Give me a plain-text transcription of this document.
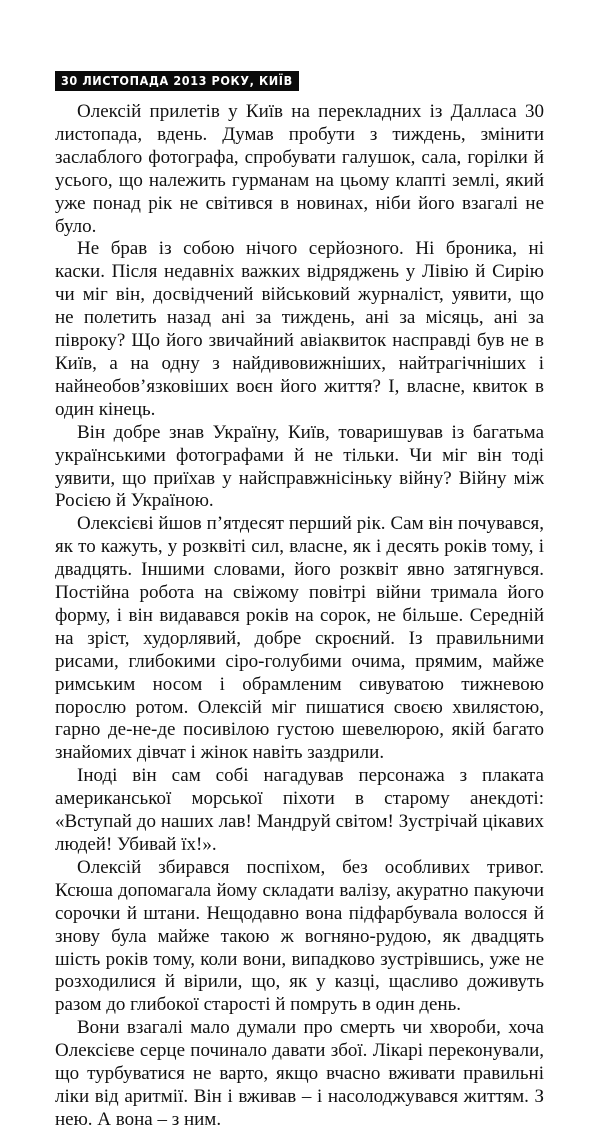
30 ЛИСТОПАДА 2013 РОКУ, КИЇВ

Олексій прилетів у Київ на перекладних із Далласа 30 листопада, вдень. Думав пробути з тиждень, змінити заслаблого фотографа, спробувати галушок, сала, горілки й усього, що належить гурманам на цьому клапті землі, який уже понад рік не світився в новинах, ніби його взагалі не було.

Не брав із собою нічого серйозного. Ні броника, ні каски. Після недавніх важких відряджень у Лівію й Сирію чи міг він, досвідчений військовий журналіст, уявити, що не полетить назад ані за тиждень, ані за місяць, ані за півроку? Що його звичайний авіаквиток насправді був не в Київ, а на одну з найдивовижніших, найтрагічніших і найнеобов’язковіших воєн його життя? І, власне, квиток в один кінець.

Він добре знав Україну, Київ, товаришував із багатьма українськими фотографами й не тільки. Чи міг він тоді уявити, що приїхав у найсправжнісіньку війну? Війну між Росією й Україною.

Олексієві йшов п’ятдесят перший рік. Сам він почувався, як то кажуть, у розквіті сил, власне, як і десять років тому, і двадцять. Іншими словами, його розквіт явно затягнувся. Постійна робота на свіжому повітрі війни тримала його форму, і він видавався років на сорок, не більше. Середній на зріст, худорлявий, добре скроєний. Із правильними рисами, глибокими сіро-голубими очима, прямим, майже римським носом і обрамленим сивуватою тижневою порослю ротом. Олексій міг пишатися своєю хвилястою, гарно де-не-де посивілою густою шевелюрою, якій багато знайомих дівчат і жінок навіть заздрили.

Іноді він сам собі нагадував персонажа з плаката американської морської піхоти в старому анекдоті: «Вступай до наших лав! Мандруй світом! Зустрічай цікавих людей! Убивай їх!».

Олексій збирався поспіхом, без особливих тривог. Ксюша допомагала йому складати валізу, акуратно пакуючи сорочки й штани. Нещодавно вона підфарбувала волосся й знову була майже такою ж вогняно-рудою, як двадцять шість років тому, коли вони, випадково зустрівшись, уже не розходилися й вірили, що, як у казці, щасливо доживуть разом до глибокої старості й помруть в один день.

Вони взагалі мало думали про смерть чи хвороби, хоча Олексієве серце починало давати збої. Лікарі переконували, що турбуватися не варто, якщо вчасно вживати правильні ліки від аритмії. Він і вживав – і насолоджувався життям. З нею. А вона – з ним.
